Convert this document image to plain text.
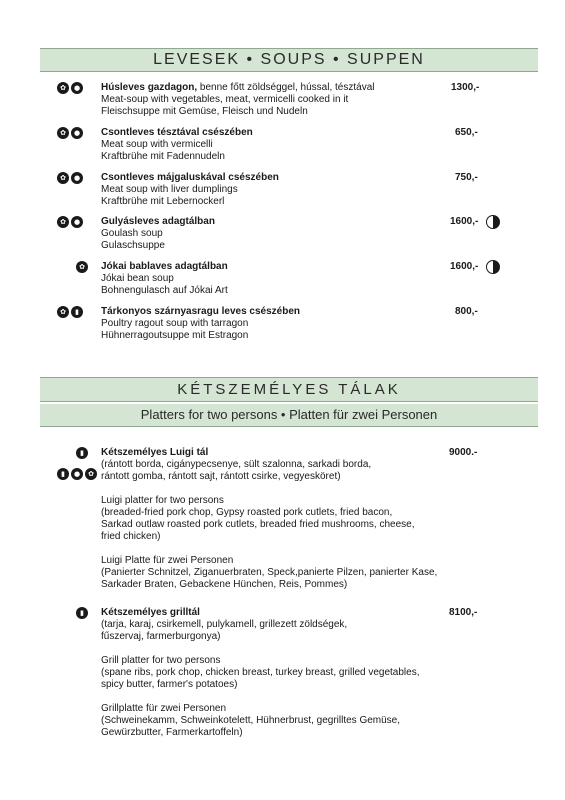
LEVESEK • SOUPS • SUPPEN
✿	● Húsleves gazdagon, benne főtt zöldséggel, hússal, tésztával
Meat-soup with vegetables, meat, vermicelli cooked in it
Fleischsuppe mit Gemüse, Fleisch und Nudeln
1300,-
✿	● Csontleves tésztával csészében
Meat soup with vermicelli
Kraftbrühe mit Fadennudeln
650,-
✿	● Csontleves májgaluskával csészében
Meat soup with liver dumplings
Kraftbrühe mit Lebernockerl
750,-
✿	● Gulyásleves adagtálban
Goulash soup
Gulaschsuppe
1600,-
✿	Jókai bablaves adagtálban
Jókai bean soup
Bohnengulasch auf Jókai Art
1600,-
✿	▮	Tárkonyos szárnyasragu leves csészében
Poultry ragout soup with tarragon
Hühnerragoutsuppe mit Estragon
800,-
KÉTSZEMÉLYES TÁLAK
Platters for two persons • Platten für zwei Personen
▮
▮	●	✿
Kétszemélyes Luigi tál
(rántott borda, cigánypecsenye, sült szalonna, sarkadi borda,
rántott gomba, rántott sajt, rántott csirke, vegyesköret)
Luigi platter for two persons
(breaded-fried pork chop, Gypsy roasted pork cutlets, fried bacon,
Sarkad outlaw roasted pork cutlets, breaded fried mushrooms, cheese,
fried chicken)
Luigi Platte für zwei Personen
(Panierter Schnitzel, Ziganuerbraten, Speck,panierte Pilzen, panierter Kase,
Sarkader Braten, Gebackene Hünchen, Reis, Pommes)
9000.-
▮	Kétszemélyes grilltál
(tarja, karaj, csirkemell, pulykamell, grillezett zöldségek,
fűszervaj, farmerburgonya)
Grill platter for two persons
(spane ribs, pork chop, chicken breast, turkey breast, grilled vegetables,
spicy butter, farmer's potatoes)
Grillplatte für zwei Personen
(Schweinekamm, Schweinkotelett, Hühnerbrust, gegrilltes Gemüse,
Gewürzbutter, Farmerkartoffeln)
8100,-
